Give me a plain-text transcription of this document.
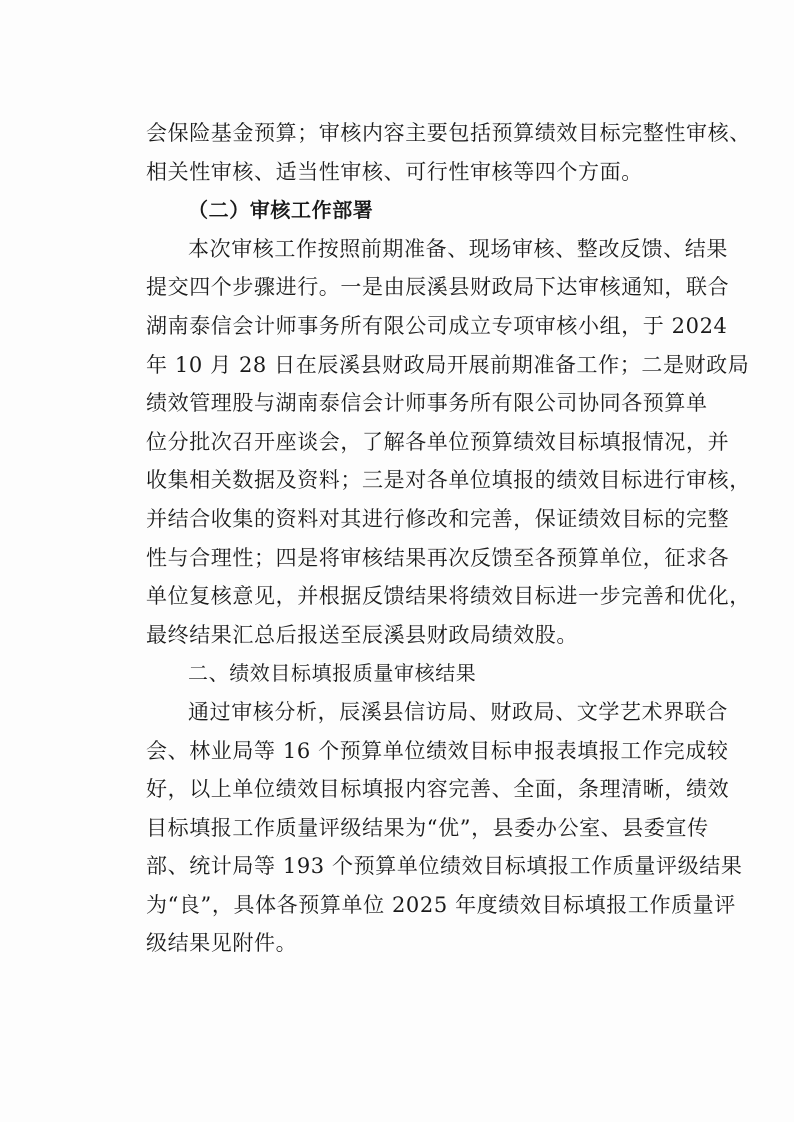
会保险基金预算；审核内容主要包括预算绩效目标完整性审核、
相关性审核、适当性审核、可行性审核等四个方面。
（二）审核工作部署
本次审核工作按照前期准备、现场审核、整改反馈、结果
提交四个步骤进行。一是由辰溪县财政局下达审核通知，联合
湖南泰信会计师事务所有限公司成立专项审核小组，于 2024
年 10 月 28 日在辰溪县财政局开展前期准备工作；二是财政局
绩效管理股与湖南泰信会计师事务所有限公司协同各预算单
位分批次召开座谈会，了解各单位预算绩效目标填报情况，并
收集相关数据及资料；三是对各单位填报的绩效目标进行审核，
并结合收集的资料对其进行修改和完善，保证绩效目标的完整
性与合理性；四是将审核结果再次反馈至各预算单位，征求各
单位复核意见，并根据反馈结果将绩效目标进一步完善和优化，
最终结果汇总后报送至辰溪县财政局绩效股。
二、绩效目标填报质量审核结果
通过审核分析，辰溪县信访局、财政局、文学艺术界联合
会、林业局等 16 个预算单位绩效目标申报表填报工作完成较
好，以上单位绩效目标填报内容完善、全面，条理清晰，绩效
目标填报工作质量评级结果为“优”，县委办公室、县委宣传
部、统计局等 193 个预算单位绩效目标填报工作质量评级结果
为“良”，具体各预算单位 2025 年度绩效目标填报工作质量评
级结果见附件。
